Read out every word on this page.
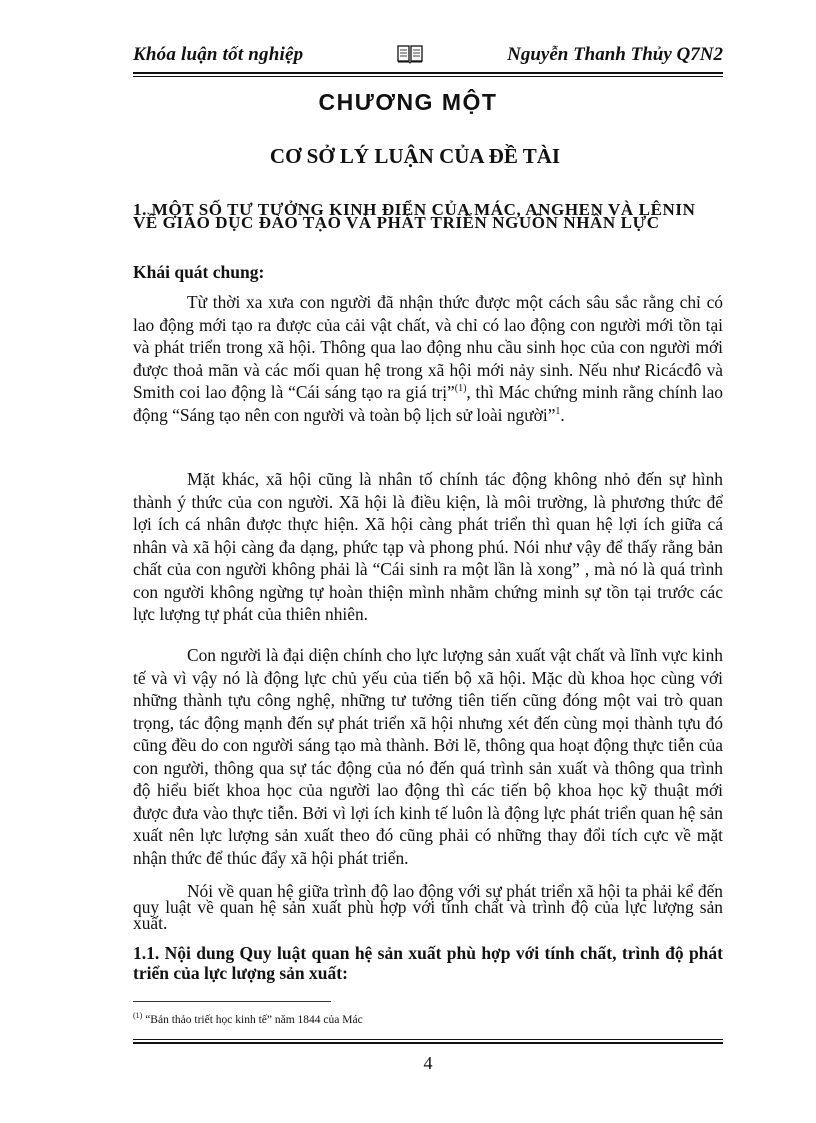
Khóa luận tốt nghiệp	Nguyễn Thanh Thủy Q7N2
CHƯƠNG MỘT
CƠ SỞ LÝ LUẬN CỦA ĐỀ TÀI
1. MỘT SỐ TƯ TƯỞNG KINH ĐIỂN CỦA MÁC, ANGHEN VÀ LÊNIN VỀ GIÁO DỤC ĐÀO TẠO VÀ PHÁT TRIỂN NGUỒN NHÂN LỰC
Khái quát chung:

Từ thời xa xưa con người đã nhận thức được một cách sâu sắc rằng chỉ có lao động mới tạo ra được của cải vật chất, và chỉ có lao động con người mới tồn tại và phát triển trong xã hội. Thông qua lao động nhu cầu sinh học của con người mới được thoả mãn và các mối quan hệ trong xã hội mới nảy sinh. Nếu như Ricácđô và Smith coi lao động là “Cái sáng tạo ra giá trị”$^{(1)}$, thì Mác chứng minh rằng chính lao động “Sáng tạo nên con người và toàn bộ lịch sử loài người”$^1$.

Mặt khác, xã hội cũng là nhân tố chính tác động không nhỏ đến sự hình thành ý thức của con người. Xã hội là điều kiện, là môi trường, là phương thức để lợi ích cá nhân được thực hiện. Xã hội càng phát triển thì quan hệ lợi ích giữa cá nhân và xã hội càng đa dạng, phức tạp và phong phú. Nói như vậy để thấy rằng bản chất của con người không phải là “Cái sinh ra một lần là xong” , mà nó là quá trình con người không ngừng tự hoàn thiện mình nhằm chứng minh sự tồn tại trước các lực lượng tự phát của thiên nhiên.

Con người là đại diện chính cho lực lượng sản xuất vật chất và lĩnh vực kinh tế và vì vậy nó là động lực chủ yếu của tiến bộ xã hội. Mặc dù khoa học cùng với những thành tựu công nghệ, những tư tưởng tiên tiến cũng đóng một vai trò quan trọng, tác động mạnh đến sự phát triển xã hội nhưng xét đến cùng mọi thành tựu đó cũng đều do con người sáng tạo mà thành. Bởi lẽ, thông qua hoạt động thực tiễn của con người, thông qua sự tác động của nó đến quá trình sản xuất và thông qua trình độ hiểu biết khoa học của người lao động thì các tiến bộ khoa học kỹ thuật mới được đưa vào thực tiễn. Bởi vì lợi ích kinh tế luôn là động lực phát triển quan hệ sản xuất nên lực lượng sản xuất theo đó cũng phải có những thay đổi tích cực về mặt nhận thức để thúc đẩy xã hội phát triển.

Nói về quan hệ giữa trình độ lao động với sự phát triển xã hội ta phải kể đến quy luật về quan hệ sản xuất phù hợp với tính chất và trình độ của lực lượng sản xuất.

1.1. Nội dung Quy luật quan hệ sản xuất phù hợp với tính chất, trình độ phát triển của lực lượng sản xuất:

$^{(1)}$ “Bản thảo triết học kinh tế” năm 1844 của Mác
4
